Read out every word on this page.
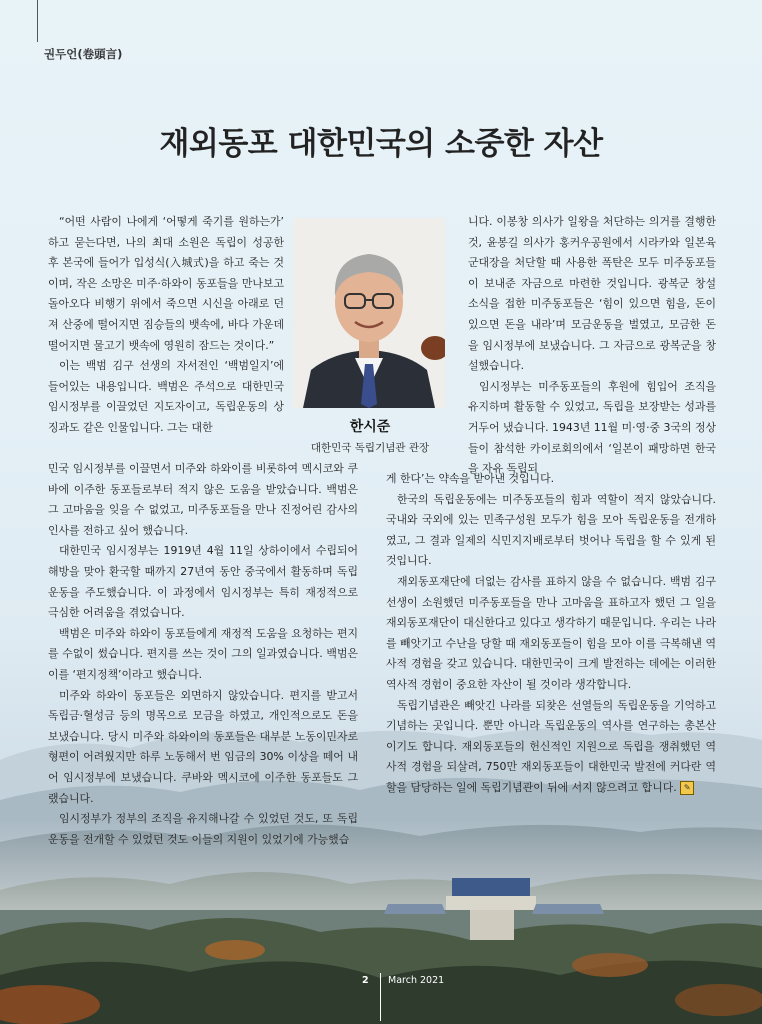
권두언(卷頭言)
재외동포 대한민국의 소중한 자산

“어떤 사람이 나에게 ‘어떻게 죽기를 원하는가’ 하고 묻는다면, 나의 최대 소원은 독립이 성공한 후 본국에 들어가 입성식(入城式)을 하고 죽는 것이며, 작은 소망은 미주·하와이 동포들을 만나보고 돌아오다 비행기 위에서 죽으면 시신을 아래로 던져 산중에 떨어지면 짐승들의 뱃속에, 바다 가운데 떨어지면 물고기 뱃속에 영원히 잠드는 것이다.”

이는 백범 김구 선생의 자서전인 ‘백범일지’에 들어있는 내용입니다. 백범은 주석으로 대한민국 임시정부를 이끌었던 지도자이고, 독립운동의 상징과도 같은 인물입니다. 그는 대한	한시준
대한민국 독립기념관 관장

민국 임시정부를 이끌면서 미주와 하와이를 비롯하여 멕시코와 쿠바에 이주한 동포들로부터 적지 않은 도움을 받았습니다. 백범은 그 고마움을 잊을 수 없었고, 미주동포들을 만나 진정어린 감사의 인사를 전하고 싶어 했습니다.

대한민국 임시정부는 1919년 4월 11일 상하이에서 수립되어 해방을 맞아 환국할 때까지 27년여 동안 중국에서 활동하며 독립운동을 주도했습니다. 이 과정에서 임시정부는 특히 재정적으로 극심한 어려움을 겪었습니다.

백범은 미주와 하와이 동포들에게 재정적 도움을 요청하는 편지를 수없이 썼습니다. 편지를 쓰는 것이 그의 일과였습니다. 백범은 이를 ‘편지정책’이라고 했습니다.

미주와 하와이 동포들은 외면하지 않았습니다. 편지를 받고서 독립금·혈성금 등의 명목으로 모금을 하였고, 개인적으로도 돈을 보냈습니다. 당시 미주와 하와이의 동포들은 대부분 노동이민자로 형편이 어려웠지만 하루 노동해서 번 임금의 30% 이상을 떼어 내어 임시정부에 보냈습니다. 쿠바와 멕시코에 이주한 동포들도 그랬습니다.

임시정부가 정부의 조직을 유지해나갈 수 있었던 것도, 또 독립운동을 전개할 수 있었던 것도 이들의 지원이 있었기에 가능했습

니다. 이봉창 의사가 일왕을 처단하는 의거를 결행한 것, 윤봉길 의사가 홍커우공원에서 시라카와 일본육군대장을 처단할 때 사용한 폭탄은 모두 미주동포들이 보내준 자금으로 마련한 것입니다. 광복군 창설 소식을 접한 미주동포들은 ‘힘이 있으면 힘을, 돈이 있으면 돈을 내라’며 모금운동을 벌였고, 모금한 돈을 임시정부에 보냈습니다. 그 자금으로 광복군을 창설했습니다.

임시정부는 미주동포들의 후원에 힘입어 조직을 유지하며 활동할 수 있었고, 독립을 보장받는 성과를 거두어 냈습니다. 1943년 11월 미·영·중 3국의 정상들이 참석한 카이로회의에서 ‘일본이 패망하면 한국을 자유 독립되

게 한다’는 약속을 받아낸 것입니다.

한국의 독립운동에는 미주동포들의 힘과 역할이 적지 않았습니다. 국내와 국외에 있는 민족구성원 모두가 힘을 모아 독립운동을 전개하였고, 그 결과 일제의 식민지지배로부터 벗어나 독립을 할 수 있게 된 것입니다.

재외동포재단에 더없는 감사를 표하지 않을 수 없습니다. 백범 김구 선생이 소원했던 미주동포들을 만나 고마움을 표하고자 했던 그 일을 재외동포재단이 대신한다고 있다고 생각하기 때문입니다. 우리는 나라를 빼앗기고 수난을 당할 때 재외동포들이 힘을 모아 이를 극복해낸 역사적 경험을 갖고 있습니다. 대한민국이 크게 발전하는 데에는 이러한 역사적 경험이 중요한 자산이 될 것이라 생각합니다.

독립기념관은 빼앗긴 나라를 되찾은 선열들의 독립운동을 기억하고 기념하는 곳입니다. 뿐만 아니라 독립운동의 역사를 연구하는 총본산이기도 합니다. 재외동포들의 헌신적인 지원으로 독립을 쟁취했던 역사적 경험을 되살려, 750만 재외동포들이 대한민국 발전에 커다란 역할을 담당하는 일에 독립기념관이 뒤에 서지 않으려고 합니다. ✎

2 March 2021
